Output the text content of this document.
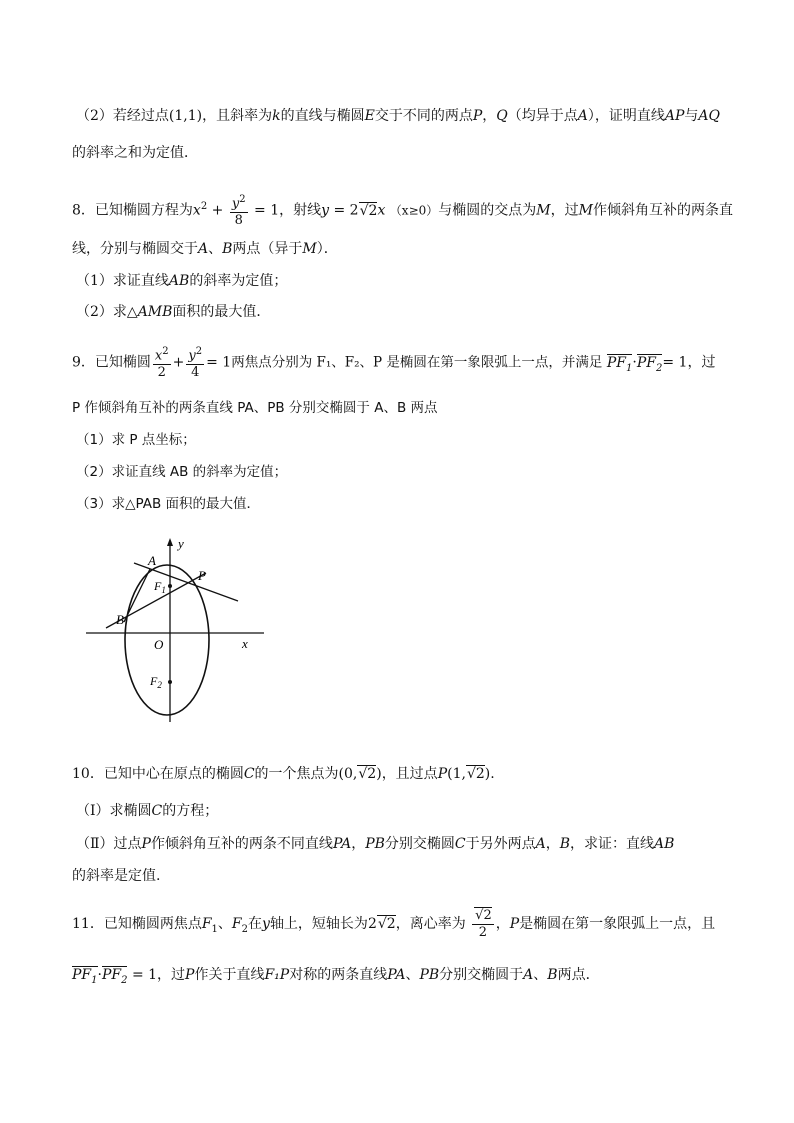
（2）若经过点(1,1)，且斜率为k的直线与椭圆E交于不同的两点P，Q（均异于点A），证明直线AP与AQ
的斜率之和为定值．
8．已知椭圆方程为$x^2 + \frac{y^2}{8} = 1$，射线y = 2√2x （x≥0）与椭圆的交点为M，过M作倾斜角互补的两条直
线，分别与椭圆交于A、B两点（异于M）．
（1）求证直线AB的斜率为定值；
（2）求△AMB面积的最大值．
9．已知椭圆 $\frac{x^2}{2} + \frac{y^2}{4} = 1$两焦点分别为 F₁、F₂、P 是椭圆在第一象限弧上一点，并满足 $PF_1\cdot PF_2= 1$，过
P 作倾斜角互补的两条直线 PA、PB 分别交椭圆于 A、B 两点
（1）求 P 点坐标；
（2）求证直线 AB 的斜率为定值；
（3）求△PAB 面积的最大值．
A
y
P
$F_1$
B
O	x
$F_2$
10．已知中心在原点的椭圆C的一个焦点为(0,√2)，且过点P(1,√2).
（Ⅰ）求椭圆C的方程；
（Ⅱ）过点P作倾斜角互补的两条不同直线PA，PB分别交椭圆C于另外两点A，B，求证：直线AB
的斜率是定值.
11．已知椭圆两焦点$F_1$、$F_2$在y轴上，短轴长为2√2，离心率为 $\frac{√2}{2}$ ，P是椭圆在第一象限弧上一点，且
$PF_1\cdot PF_2 = 1$，过P作关于直线F₁P对称的两条直线PA、PB分别交椭圆于A、B两点．
